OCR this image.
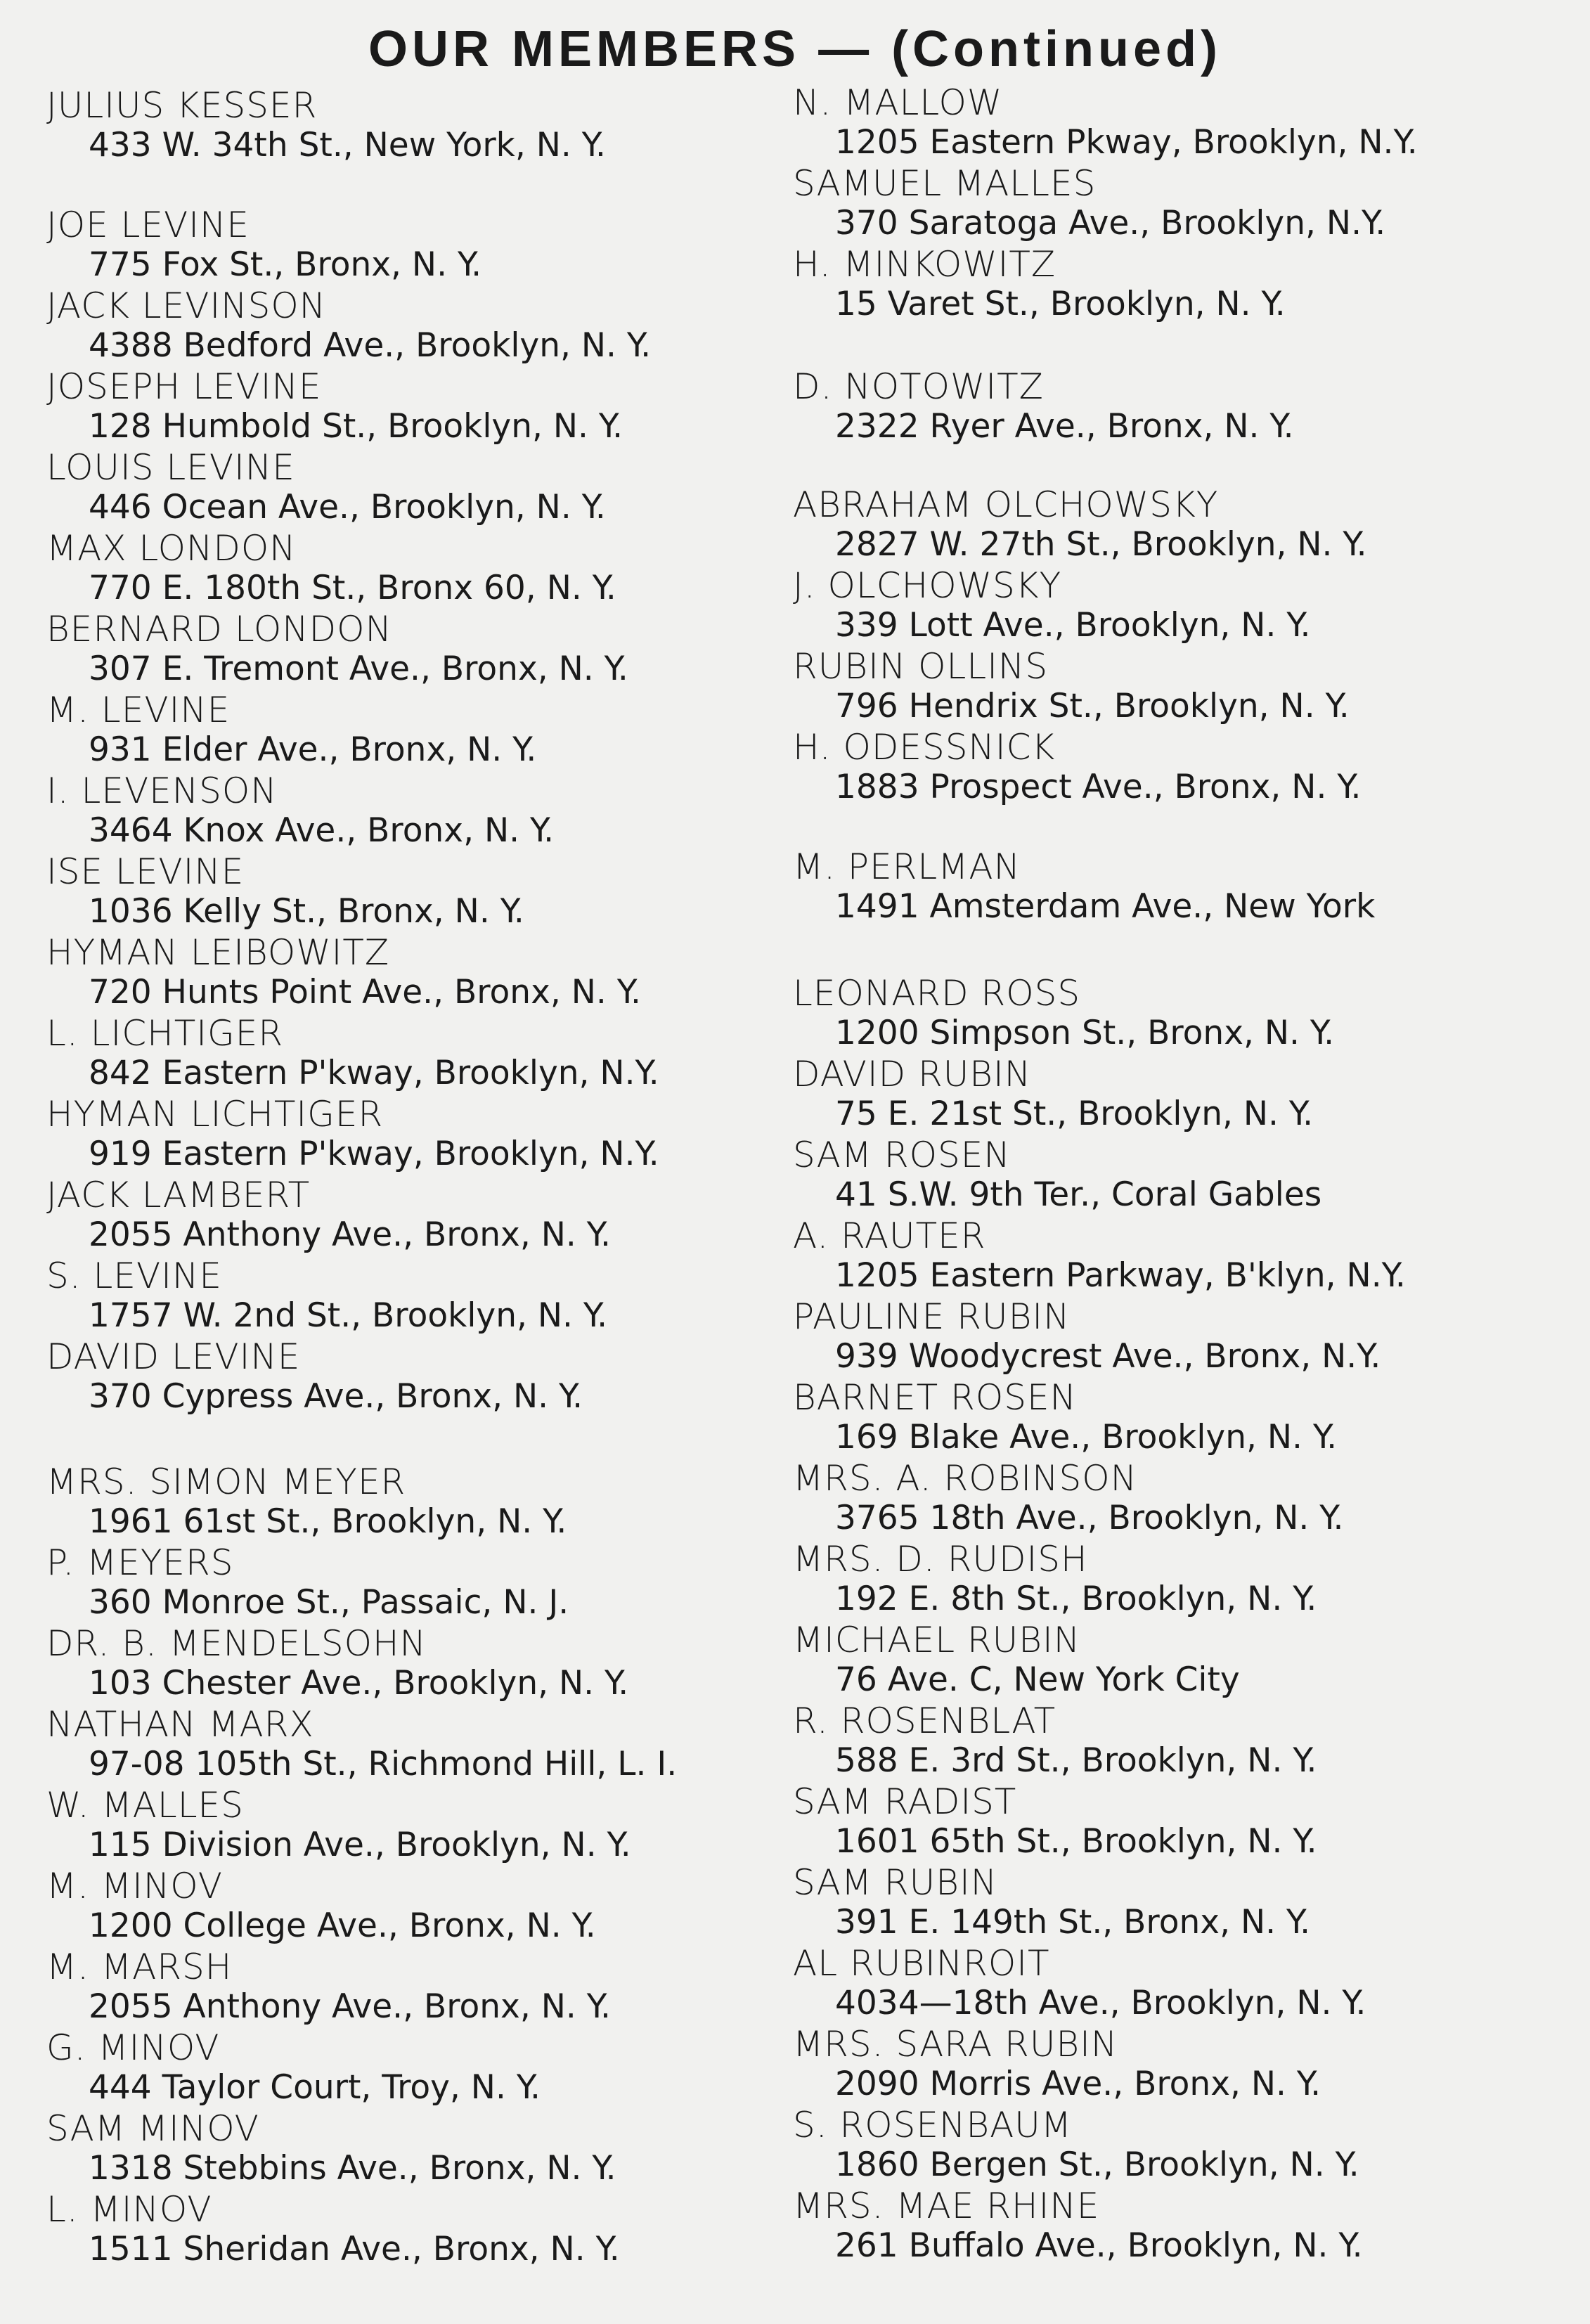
OUR MEMBERS — (Continued)
JULIUS KESSER
433 W. 34th St., New York, N. Y.
JOE LEVINE
775 Fox St., Bronx, N. Y.
JACK LEVINSON
4388 Bedford Ave., Brooklyn, N. Y.
JOSEPH LEVINE
128 Humbold St., Brooklyn, N. Y.
LOUIS LEVINE
446 Ocean Ave., Brooklyn, N. Y.
MAX LONDON
770 E. 180th St., Bronx 60, N. Y.
BERNARD LONDON
307 E. Tremont Ave., Bronx, N. Y.
M. LEVINE
931 Elder Ave., Bronx, N. Y.
I. LEVENSON
3464 Knox Ave., Bronx, N. Y.
ISE LEVINE
1036 Kelly St., Bronx, N. Y.
HYMAN LEIBOWITZ
720 Hunts Point Ave., Bronx, N. Y.
L. LICHTIGER
842 Eastern P'kway, Brooklyn, N.Y.
HYMAN LICHTIGER
919 Eastern P'kway, Brooklyn, N.Y.
JACK LAMBERT
2055 Anthony Ave., Bronx, N. Y.
S. LEVINE
1757 W. 2nd St., Brooklyn, N. Y.
DAVID LEVINE
370 Cypress Ave., Bronx, N. Y.
MRS. SIMON MEYER
1961 61st St., Brooklyn, N. Y.
P. MEYERS
360 Monroe St., Passaic, N. J.
DR. B. MENDELSOHN
103 Chester Ave., Brooklyn, N. Y.
NATHAN MARX
97-08 105th St., Richmond Hill, L. I.
W. MALLES
115 Division Ave., Brooklyn, N. Y.
M. MINOV
1200 College Ave., Bronx, N. Y.
M. MARSH
2055 Anthony Ave., Bronx, N. Y.
G. MINOV
444 Taylor Court, Troy, N. Y.
SAM MINOV
1318 Stebbins Ave., Bronx, N. Y.
L. MINOV
1511 Sheridan Ave., Bronx, N. Y.
N. MALLOW
1205 Eastern Pkway, Brooklyn, N.Y.
SAMUEL MALLES
370 Saratoga Ave., Brooklyn, N.Y.
H. MINKOWITZ
15 Varet St., Brooklyn, N. Y.
D. NOTOWITZ
2322 Ryer Ave., Bronx, N. Y.
ABRAHAM OLCHOWSKY
2827 W. 27th St., Brooklyn, N. Y.
J. OLCHOWSKY
339 Lott Ave., Brooklyn, N. Y.
RUBIN OLLINS
796 Hendrix St., Brooklyn, N. Y.
H. ODESSNICK
1883 Prospect Ave., Bronx, N. Y.
M. PERLMAN
1491 Amsterdam Ave., New York
LEONARD ROSS
1200 Simpson St., Bronx, N. Y.
DAVID RUBIN
75 E. 21st St., Brooklyn, N. Y.
SAM ROSEN
41 S.W. 9th Ter., Coral Gables
A. RAUTER
1205 Eastern Parkway, B'klyn, N.Y.
PAULINE RUBIN
939 Woodycrest Ave., Bronx, N.Y.
BARNET ROSEN
169 Blake Ave., Brooklyn, N. Y.
MRS. A. ROBINSON
3765 18th Ave., Brooklyn, N. Y.
MRS. D. RUDISH
192 E. 8th St., Brooklyn, N. Y.
MICHAEL RUBIN
76 Ave. C, New York City
R. ROSENBLAT
588 E. 3rd St., Brooklyn, N. Y.
SAM RADIST
1601 65th St., Brooklyn, N. Y.
SAM RUBIN
391 E. 149th St., Bronx, N. Y.
AL RUBINROIT
4034—18th Ave., Brooklyn, N. Y.
MRS. SARA RUBIN
2090 Morris Ave., Bronx, N. Y.
S. ROSENBAUM
1860 Bergen St., Brooklyn, N. Y.
MRS. MAE RHINE
261 Buffalo Ave., Brooklyn, N. Y.
